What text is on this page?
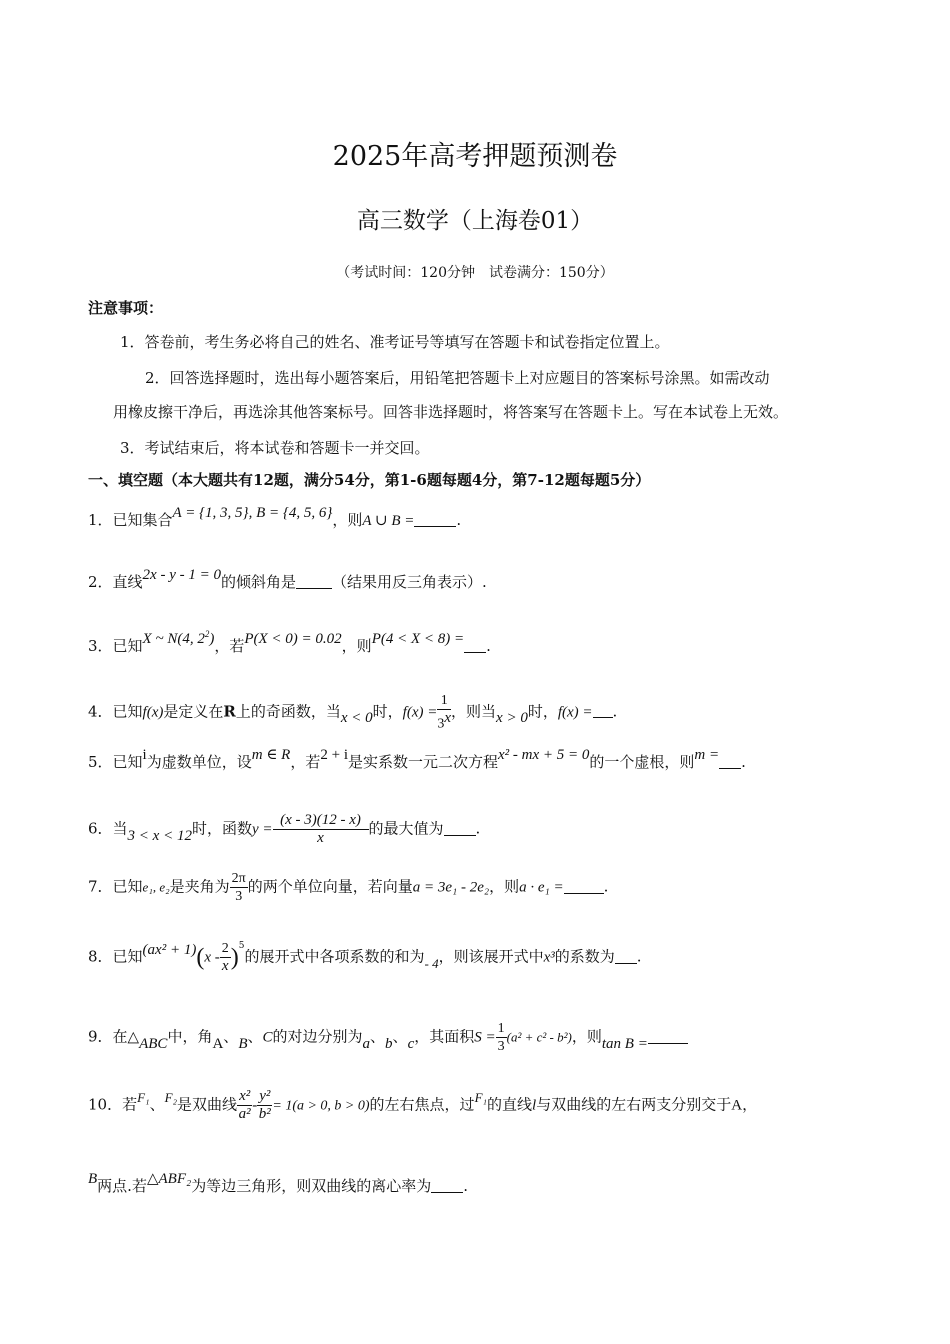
2025年高考押题预测卷
高三数学（上海卷01）
（考试时间：120分钟　试卷满分：150分）
注意事项：
1．答卷前，考生务必将自己的姓名、准考证号等填写在答题卡和试卷指定位置上。
2．回答选择题时，选出每小题答案后，用铅笔把答题卡上对应题目的答案标号涂黑。如需改动
用橡皮擦干净后，再选涂其他答案标号。回答非选择题时，将答案写在答题卡上。写在本试卷上无效。
3．考试结束后，将本试卷和答题卡一并交回。
一、填空题（本大题共有12题，满分54分，第1-6题每题4分，第7-12题每题5分）
1．已知集合A = {1, 3, 5}, B = {4, 5, 6}，则A ∪ B =	.
2．直线2x - y - 1 = 0的倾斜角是 （结果用反三角表示）.
3．已知X ~ N(4, $2^2$)，若P(X < 0) = 0.02，则P(4 < X < 8) = .
4．已知f(x)是定义在R上的奇函数，当x < 0时，$f(x) = \frac{1}{3^x}$ ，则当x > 0时，f(x) = .
5．已知i为虚数单位，设m ∈ R，若2 + i是实系数一元二次方程x² - mx + 5 = 0的一个虚根，则m = .
6．当3 < x < 12时，函数$y = \frac{(x - 3)(12 - x)}{x}$ 的最大值为 .
7．已知e₁, e₂是夹角为 $\frac{2\pi}{3}$ 的两个单位向量，若向量a = 3e₁ - 2e₂，则a · e₁ =	.
8．已知$(ax^2 + 1)(x - \frac{2}{x} )^5$的展开式中各项系数的和为- 4，则该展开式中x³的系数为 .
9．在△ABC中，角A、B、C的对边分别为a、b、c，其面积$S = \frac{1}{3} (a^2 + c^2 - b^2)$，则tan B =
10．若F₁、F₂是双曲线 $\frac{\text{x²}}{\text{a²}} - \frac{\text{y²}}{\text{b²}} = 1(a > 0$, b > 0)的左右焦点，过F₁的直线l与双曲线的左右两支分别交于A，
B两点.若△ABF₂为等边三角形，则双曲线的离心率为 .
